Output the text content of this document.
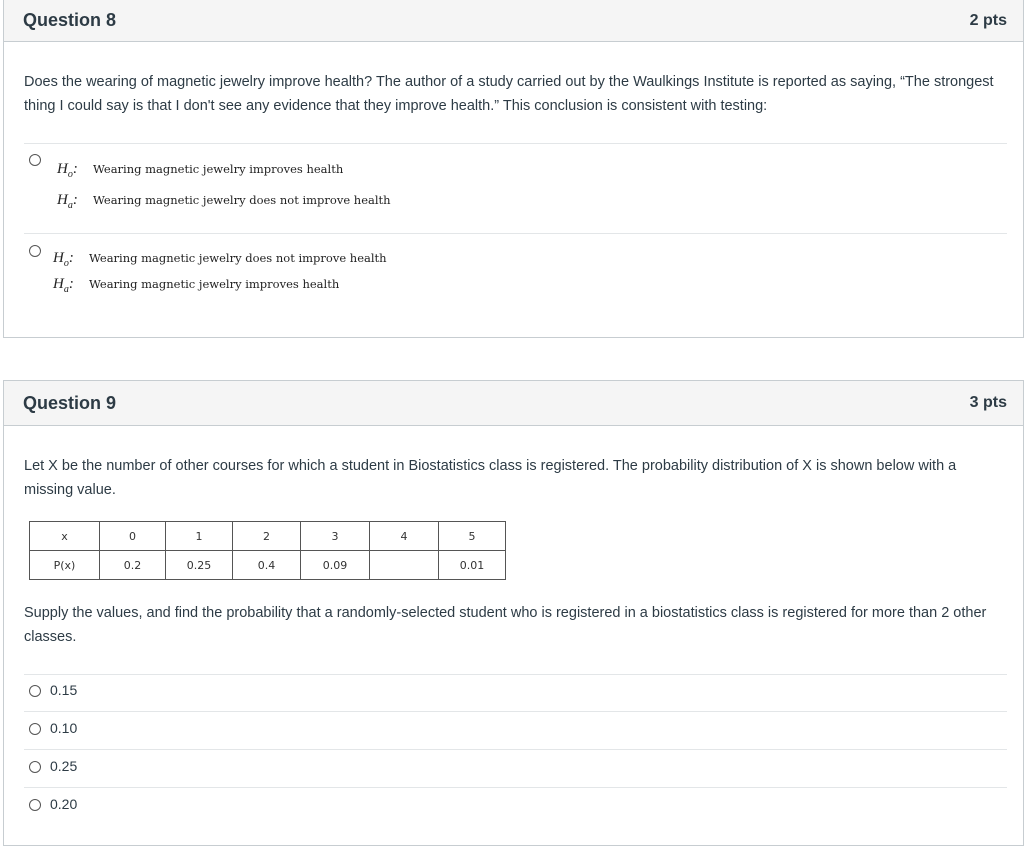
Question 8	2 pts
Does the wearing of magnetic jewelry improve health? The author of a study carried out by the Waulkings Institute is reported as saying, “The strongest thing I could say is that I don't see any evidence that they improve health.” This conclusion is consistent with testing:
$H_o$: Wearing magnetic jewelry improves health
$H_a$: Wearing magnetic jewelry does not improve health
$H_o$: Wearing magnetic jewelry does not improve health
$H_a$: Wearing magnetic jewelry improves health
Question 9	3 pts
Let X be the number of other courses for which a student in Biostatistics class is registered. The probability distribution of X is shown below with a missing value.
x	0	1	2	3	4	5
P(x)	0.2	0.25	0.4	0.09		0.01
Supply the values, and find the probability that a randomly-selected student who is registered in a biostatistics class is registered for more than 2 other classes.
0.15
0.10
0.25
0.20
